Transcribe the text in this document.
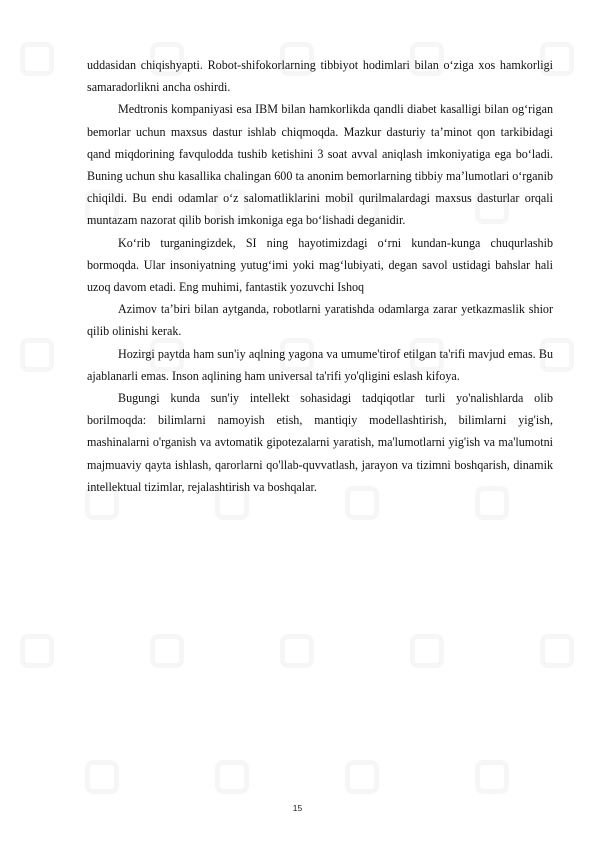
uddasidan chiqishyapti. Robot-shifokorlarning tibbiyot hodimlari bilan o‘ziga xos hamkorligi samaradorlikni ancha oshirdi.

Medtronis kompaniyasi esa IBM bilan hamkorlikda qandli diabet kasalligi bilan og‘rigan bemorlar uchun maxsus dastur ishlab chiqmoqda. Mazkur dasturiy ta’minot qon tarkibidagi qand miqdorining favqulodda tushib ketishini 3 soat avval aniqlash imkoniyatiga ega bo‘ladi. Buning uchun shu kasallika chalingan 600 ta anonim bemorlarning tibbiy ma’lumotlari o‘rganib chiqildi. Bu endi odamlar o‘z salomatliklarini mobil qurilmalardagi maxsus dasturlar orqali muntazam nazorat qilib borish imkoniga ega bo‘lishadi deganidir.

Ko‘rib turganingizdek, SI ning hayotimizdagi o‘rni kundan-kunga chuqurlashib bormoqda. Ular insoniyatning yutug‘imi yoki mag‘lubiyati, degan savol ustidagi bahslar hali uzoq davom etadi. Eng muhimi, fantastik yozuvchi Ishoq

Azimov ta’biri bilan aytganda, robotlarni yaratishda odamlarga zarar yetkazmaslik shior qilib olinishi kerak.

Hozirgi paytda ham sun'iy aqlning yagona va umume'tirof etilgan ta'rifi mavjud emas. Bu ajablanarli emas. Inson aqlining ham universal ta'rifi yo'qligini eslash kifoya.

Bugungi kunda sun'iy intellekt sohasidagi tadqiqotlar turli yo'nalishlarda olib borilmoqda: bilimlarni namoyish etish, mantiqiy modellashtirish, bilimlarni yig'ish, mashinalarni o'rganish va avtomatik gipotezalarni yaratish, ma'lumotlarni yig'ish va ma'lumotni majmuaviy qayta ishlash, qarorlarni qo'llab-quvvatlash, jarayon va tizimni boshqarish, dinamik intellektual tizimlar, rejalashtirish va boshqalar.

15
